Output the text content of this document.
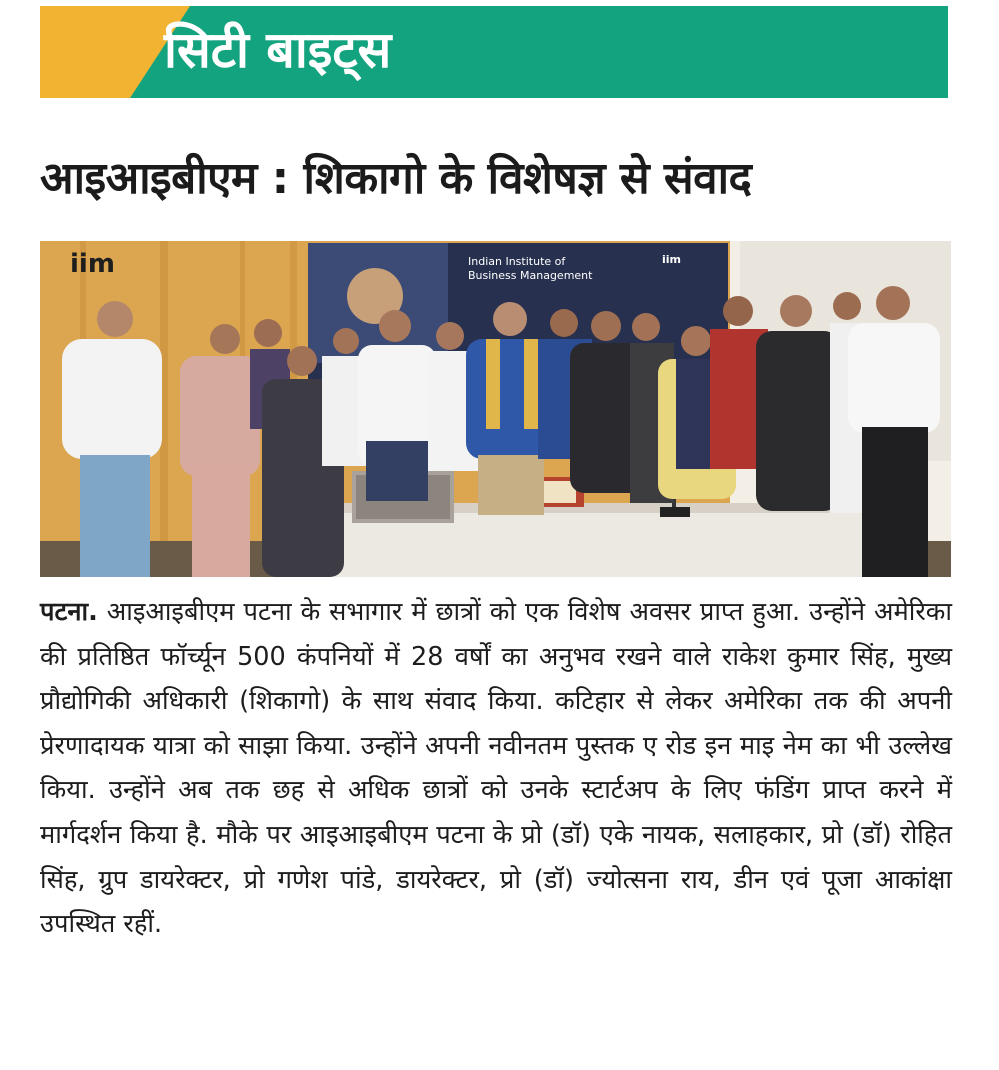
सिटी बाइट्स
आइआइबीएम : शिकागो के विशेषज्ञ से संवाद
iim	Indian Institute of
Business Management
iim
पटना. आइआइबीएम पटना के सभागार में छात्रों को एक विशेष अवसर प्राप्त हुआ. उन्होंने अमेरिका की प्रतिष्ठित फॉर्च्यून 500 कंपनियों में 28 वर्षों का अनुभव रखने वाले राकेश कुमार सिंह, मुख्य प्रौद्योगिकी अधिकारी (शिकागो) के साथ संवाद किया. कटिहार से लेकर अमेरिका तक की अपनी प्रेरणादायक यात्रा को साझा किया. उन्होंने अपनी नवीनतम पुस्तक ए रोड इन माइ नेम का भी उल्लेख किया. उन्होंने अब तक छह से अधिक छात्रों को उनके स्टार्टअप के लिए फंडिंग प्राप्त करने में मार्गदर्शन किया है. मौके पर आइआइबीएम पटना के प्रो (डॉ) एके नायक, सलाहकार, प्रो (डॉ) रोहित सिंह, ग्रुप डायरेक्टर, प्रो गणेश पांडे, डायरेक्टर, प्रो (डॉ) ज्योत्सना राय, डीन एवं पूजा आकांक्षा उपस्थित रहीं.
